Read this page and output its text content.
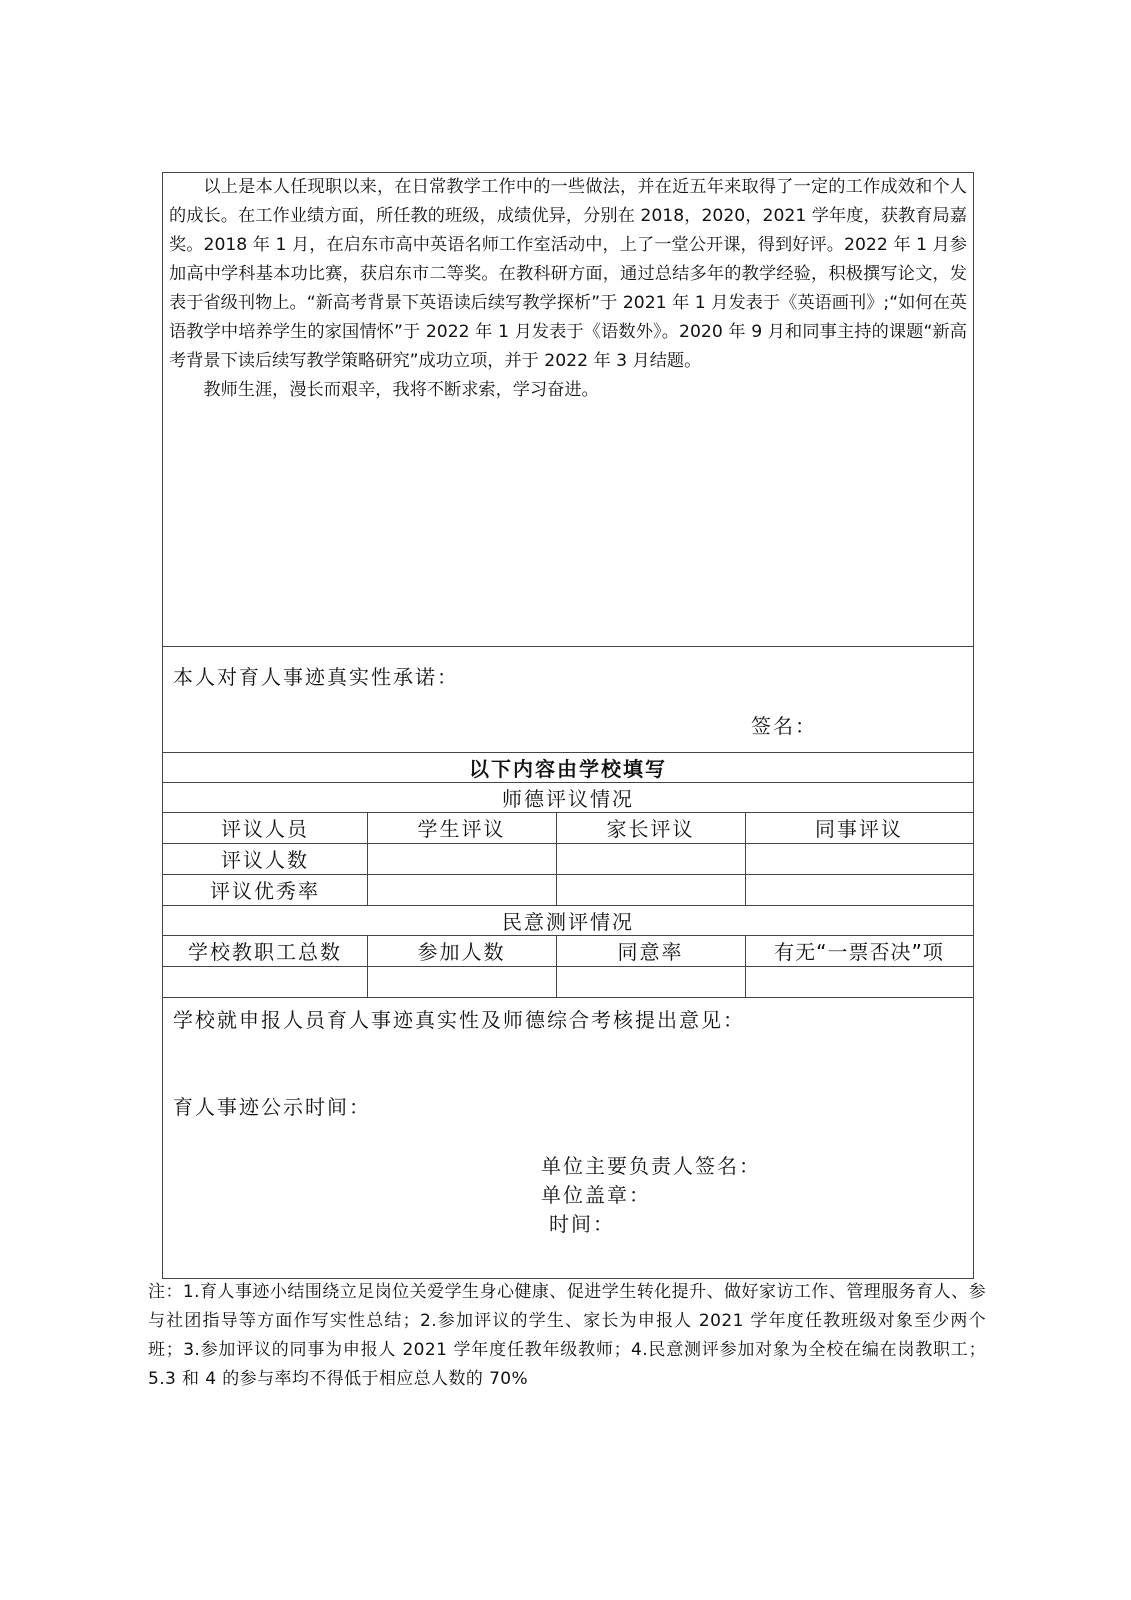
以上是本人任现职以来，在日常教学工作中的一些做法，并在近五年来取得了一定的工作成效和个人的成长。在工作业绩方面，所任教的班级，成绩优异，分别在 2018，2020，2021 学年度，获教育局嘉奖。2018 年 1 月，在启东市高中英语名师工作室活动中，上了一堂公开课，得到好评。2022 年 1 月参加高中学科基本功比赛，获启东市二等奖。在教科研方面，通过总结多年的教学经验，积极撰写论文，发表于省级刊物上。“新高考背景下英语读后续写教学探析”于 2021 年 1 月发表于《英语画刊》;“如何在英语教学中培养学生的家国情怀”于 2022 年 1 月发表于《语数外》。2020 年 9 月和同事主持的课题“新高考背景下读后续写教学策略研究”成功立项，并于 2022 年 3 月结题。

教师生涯，漫长而艰辛，我将不断求索，学习奋进。

本人对育人事迹真实性承诺：
签名：
以下内容由学校填写
师德评议情况
评议人员	学生评议	家长评议	同事评议
评议人数
评议优秀率
民意测评情况
学校教职工总数	参加人数	同意率	有无“一票否决”项
学校就申报人员育人事迹真实性及师德综合考核提出意见：
育人事迹公示时间：
单位主要负责人签名：
单位盖章：
时间：
注：1.育人事迹小结围绕立足岗位关爱学生身心健康、促进学生转化提升、做好家访工作、管理服务育人、参与社团指导等方面作写实性总结；2.参加评议的学生、家长为申报人 2021 学年度任教班级对象至少两个班；3.参加评议的同事为申报人 2021 学年度任教年级教师；4.民意测评参加对象为全校在编在岗教职工；5.3 和 4 的参与率均不得低于相应总人数的 70%
